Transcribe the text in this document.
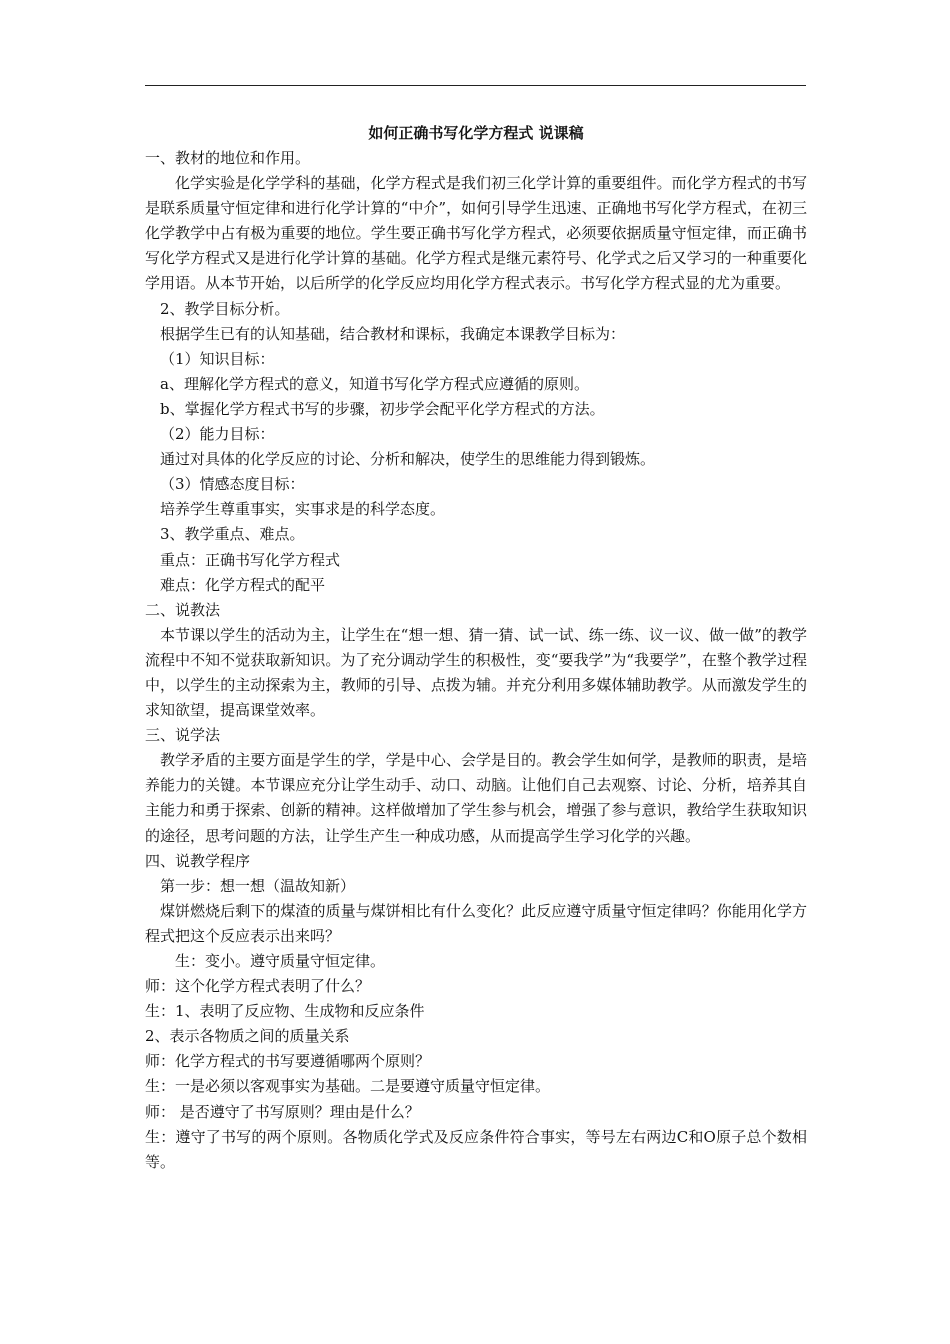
如何正确书写化学方程式 说课稿
一、教材的地位和作用。

化学实验是化学学科的基础，化学方程式是我们初三化学计算的重要组件。而化学方程式的书写是联系质量守恒定律和进行化学计算的“中介”，如何引导学生迅速、正确地书写化学方程式，在初三化学教学中占有极为重要的地位。学生要正确书写化学方程式，必须要依据质量守恒定律，而正确书写化学方程式又是进行化学计算的基础。化学方程式是继元素符号、化学式之后又学习的一种重要化学用语。从本节开始，以后所学的化学反应均用化学方程式表示。书写化学方程式显的尤为重要。

2、教学目标分析。
根据学生已有的认知基础，结合教材和课标，我确定本课教学目标为：
（1）知识目标：
a、理解化学方程式的意义，知道书写化学方程式应遵循的原则。
b、掌握化学方程式书写的步骤，初步学会配平化学方程式的方法。
（2）能力目标：
通过对具体的化学反应的讨论、分析和解决，使学生的思维能力得到锻炼。
（3）情感态度目标：
培养学生尊重事实，实事求是的科学态度。
3、教学重点、难点。
重点：正确书写化学方程式
难点：化学方程式的配平
二、说教法

本节课以学生的活动为主，让学生在“想一想、猜一猜、试一试、练一练、议一议、做一做”的教学流程中不知不觉获取新知识。为了充分调动学生的积极性，变“要我学”为“我要学”，在整个教学过程中，以学生的主动探索为主，教师的引导、点拨为辅。并充分利用多媒体辅助教学。从而激发学生的求知欲望，提高课堂效率。

三、说学法

教学矛盾的主要方面是学生的学，学是中心、会学是目的。教会学生如何学，是教师的职责，是培养能力的关键。本节课应充分让学生动手、动口、动脑。让他们自己去观察、讨论、分析，培养其自主能力和勇于探索、创新的精神。这样做增加了学生参与机会，增强了参与意识，教给学生获取知识的途径，思考问题的方法，让学生产生一种成功感，从而提高学生学习化学的兴趣。

四、说教学程序
第一步：想一想（温故知新）

煤饼燃烧后剩下的煤渣的质量与煤饼相比有什么变化？此反应遵守质量守恒定律吗？你能用化学方程式把这个反应表示出来吗？

生：变小。遵守质量守恒定律。
师：这个化学方程式表明了什么？
生：1、表明了反应物、生成物和反应条件
2、表示各物质之间的质量关系
师：化学方程式的书写要遵循哪两个原则？
生：一是必须以客观事实为基础。二是要遵守质量守恒定律。
师： 是否遵守了书写原则？理由是什么？

生：遵守了书写的两个原则。各物质化学式及反应条件符合事实，等号左右两边C和O原子总个数相等。
